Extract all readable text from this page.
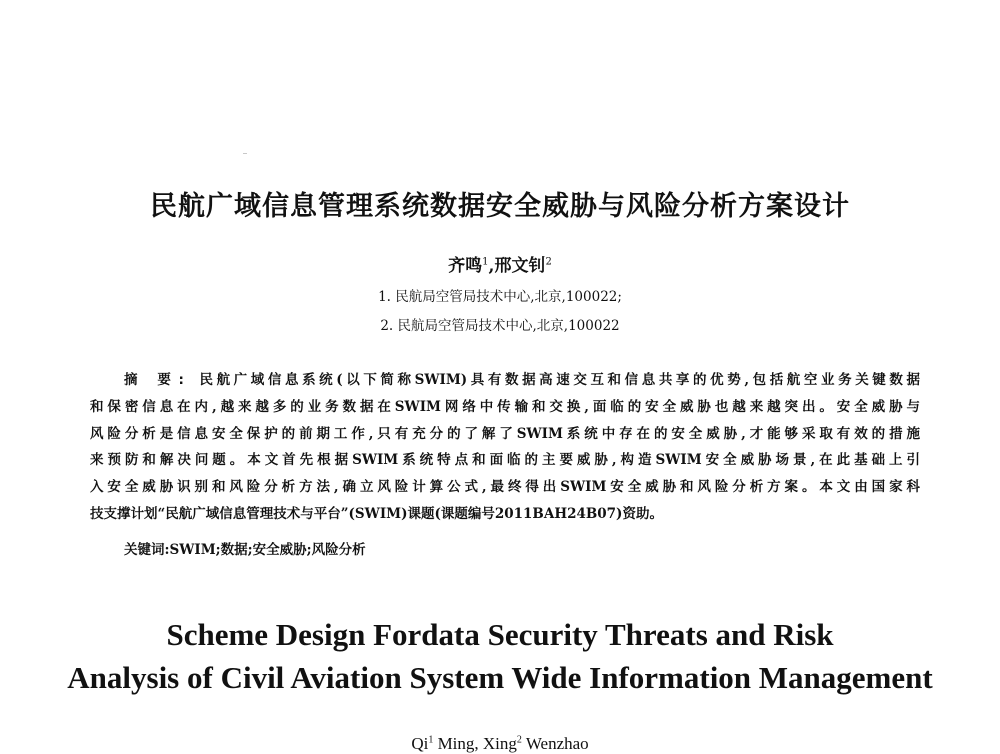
民航广域信息管理系统数据安全威胁与风险分析方案设计
齐鸣$^1$,邢文钊$^2$
1. 民航局空管局技术中心,北京,100022;
2. 民航局空管局技术中心,北京,100022
摘 要: 民航广域信息系统(以下简称SWIM)具有数据高速交互和信息共享的优势,包括航空业务关键数据
和保密信息在内,越来越多的业务数据在SWIM网络中传输和交换,面临的安全威胁也越来越突出。安全威胁与
风险分析是信息安全保护的前期工作,只有充分的了解了SWIM系统中存在的安全威胁,才能够采取有效的措施
来预防和解决问题。本文首先根据SWIM系统特点和面临的主要威胁,构造SWIM安全威胁场景,在此基础上引
入安全威胁识别和风险分析方法,确立风险计算公式,最终得出SWIM安全威胁和风险分析方案。本文由国家科
技支撑计划“民航广域信息管理技术与平台”(SWIM)课题(课题编号2011BAH24B07)资助。
关键词:SWIM;数据;安全威胁;风险分析
Scheme Design Fordata Security Threats and Risk
Analysis of Civil Aviation System Wide Information Management
Qi$^1$ Ming, Xing$^2$ Wenzhao
